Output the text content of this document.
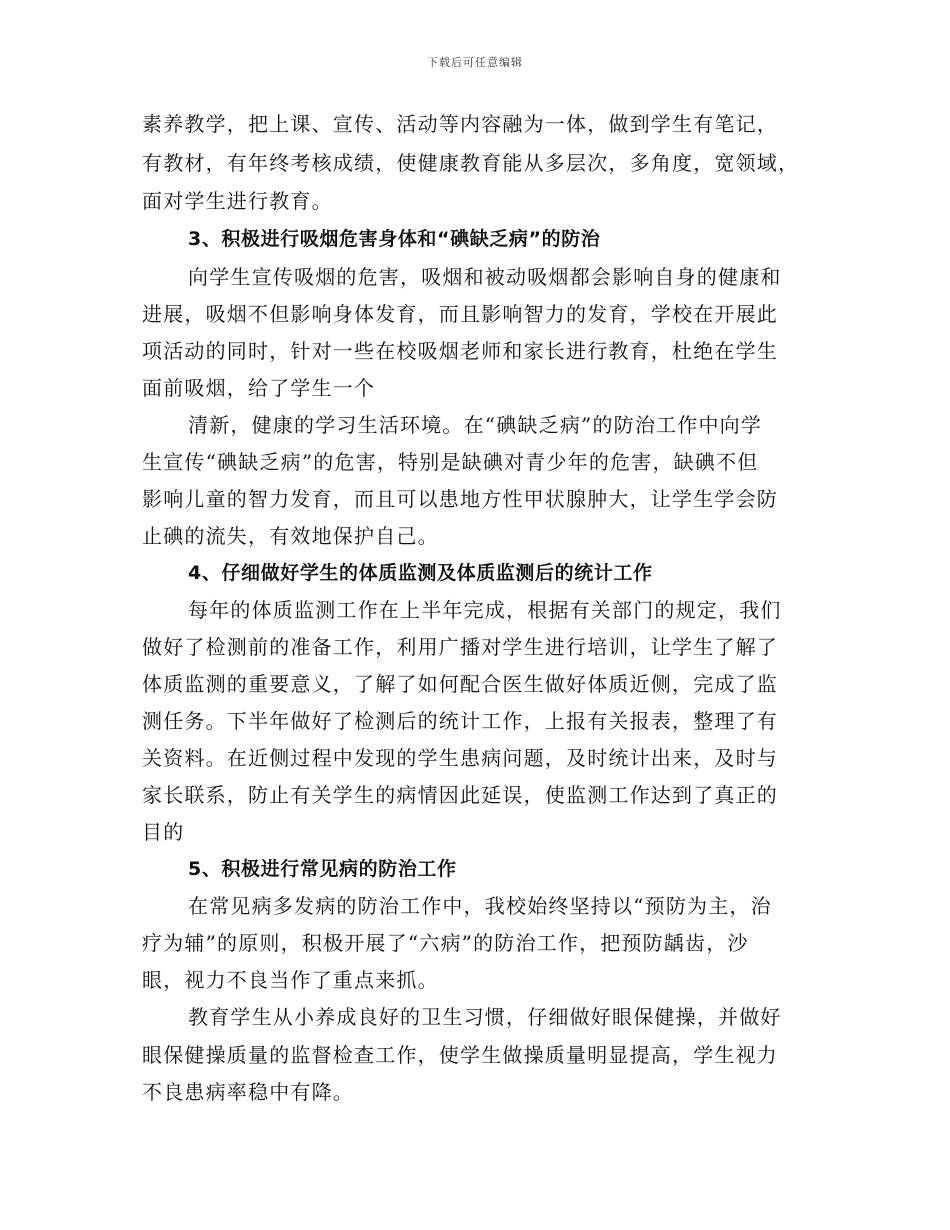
下载后可任意编辑
素养教学，把上课、宣传、活动等内容融为一体，做到学生有笔记，
有教材，有年终考核成绩，使健康教育能从多层次，多角度，宽领域，
面对学生进行教育。
3、积极进行吸烟危害身体和“碘缺乏病”的防治
向学生宣传吸烟的危害，吸烟和被动吸烟都会影响自身的健康和
进展，吸烟不但影响身体发育，而且影响智力的发育，学校在开展此
项活动的同时，针对一些在校吸烟老师和家长进行教育，杜绝在学生
面前吸烟，给了学生一个
清新，健康的学习生活环境。在“碘缺乏病”的防治工作中向学
生宣传“碘缺乏病”的危害，特别是缺碘对青少年的危害，缺碘不但
影响儿童的智力发育，而且可以患地方性甲状腺肿大，让学生学会防
止碘的流失，有效地保护自己。
4、仔细做好学生的体质监测及体质监测后的统计工作
每年的体质监测工作在上半年完成，根据有关部门的规定，我们
做好了检测前的准备工作，利用广播对学生进行培训，让学生了解了
体质监测的重要意义，了解了如何配合医生做好体质近侧，完成了监
测任务。下半年做好了检测后的统计工作，上报有关报表，整理了有
关资料。在近侧过程中发现的学生患病问题，及时统计出来，及时与
家长联系，防止有关学生的病情因此延误，使监测工作达到了真正的
目的
5、积极进行常见病的防治工作
在常见病多发病的防治工作中，我校始终坚持以“预防为主，治
疗为辅”的原则，积极开展了“六病”的防治工作，把预防龋齿，沙
眼，视力不良当作了重点来抓。
教育学生从小养成良好的卫生习惯，仔细做好眼保健操，并做好
眼保健操质量的监督检查工作，使学生做操质量明显提高，学生视力
不良患病率稳中有降。
